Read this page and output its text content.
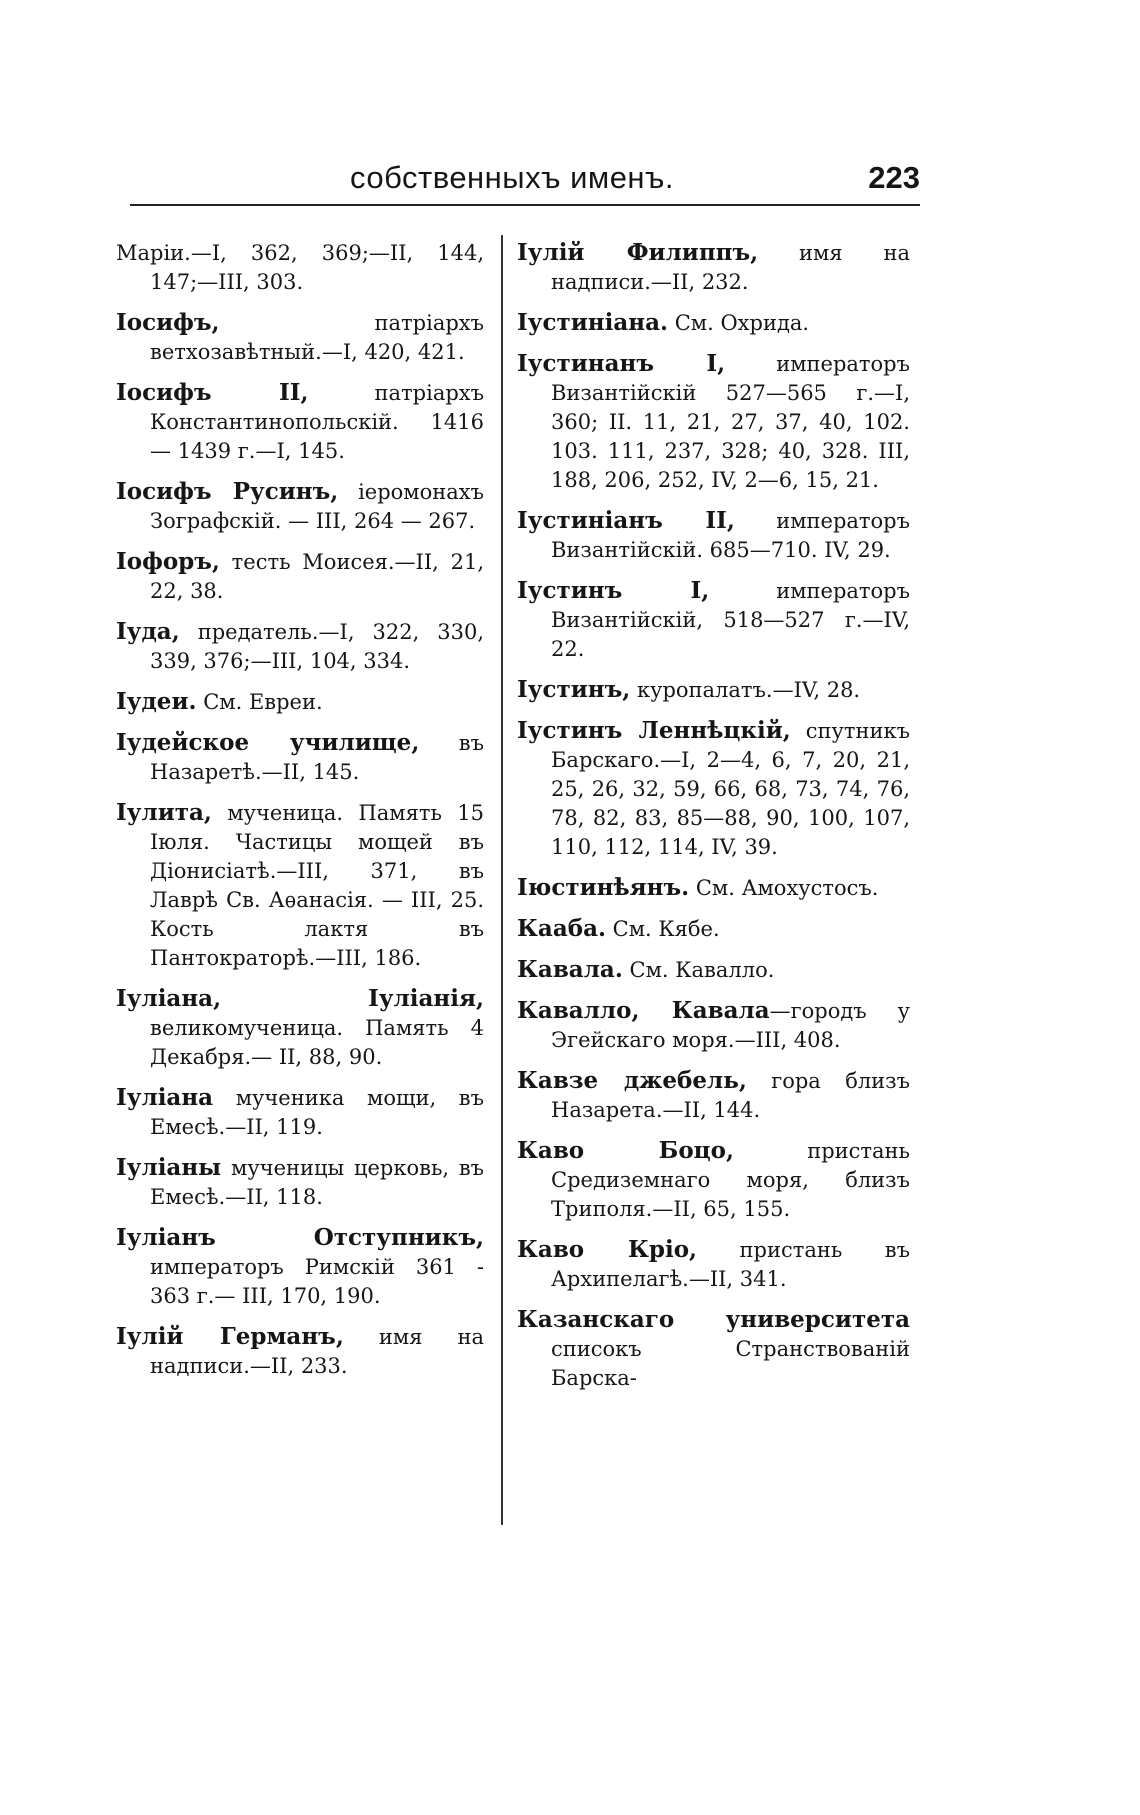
собственныхъ именъ.	223

Маріи.—I, 362, 369;—II, 144, 147;—III, 303.

Іосифъ, патріархъ ветхозавѣтный.—I, 420, 421.

Іосифъ II, патріархъ Константинопольскій. 1416 — 1439 г.—I, 145.

Іосифъ Русинъ, іеромонахъ Зографскій. — III, 264 — 267.

Іофоръ, тесть Моисея.—II, 21, 22, 38.

Іуда, предатель.—I, 322, 330, 339, 376;—III, 104, 334.

Іудеи. См. Евреи.

Іудейское училище, въ Назаретѣ.—II, 145.

Іулита, мученица. Память 15 Іюля. Частицы мощей въ Діонисіатѣ.—III, 371, въ Лаврѣ Св. Аѳанасія. — III, 25. Кость лактя въ Пантократорѣ.—III, 186.

Іуліана, Іуліанія, великомученица. Память 4 Декабря.— II, 88, 90.

Іуліана мученика мощи, въ Емесѣ.—II, 119.

Іуліаны мученицы церковь, въ Емесѣ.—II, 118.

Іуліанъ Отступникъ, императоръ Римскій 361 - 363 г.— III, 170, 190.

Іулій Германъ, имя на надписи.—II, 233.

Іулій Филиппъ, имя на надписи.—II, 232.

Іустиніана. См. Охрида.

Іустинанъ I, императоръ Византійскій 527—565 г.—I, 360; II. 11, 21, 27, 37, 40, 102. 103. 111, 237, 328; 40, 328. III, 188, 206, 252, IV, 2—6, 15, 21.

Іустиніанъ II, императоръ Византійскій. 685—710. IV, 29.

Іустинъ I, императоръ Византійскій, 518—527 г.—IV, 22.

Іустинъ, куропалатъ.—IV, 28.

Іустинъ Леннѣцкій, спутникъ Барскаго.—I, 2—4, 6, 7, 20, 21, 25, 26, 32, 59, 66, 68, 73, 74, 76, 78, 82, 83, 85—88, 90, 100, 107, 110, 112, 114, IV, 39.

Іюстинѣянъ. См. Амохустосъ.

Кааба. См. Кябе.

Кавала. См. Кавалло.

Кавалло, Кавала—городъ у Эгейскаго моря.—III, 408.

Кавзе джебель, гора близъ Назарета.—II, 144.

Каво Боцо, пристань Средиземнаго моря, близъ Триполя.—II, 65, 155.

Каво Кріо, пристань въ Архипелагѣ.—II, 341.

Казанскаго университета списокъ Странствованій Барска-
